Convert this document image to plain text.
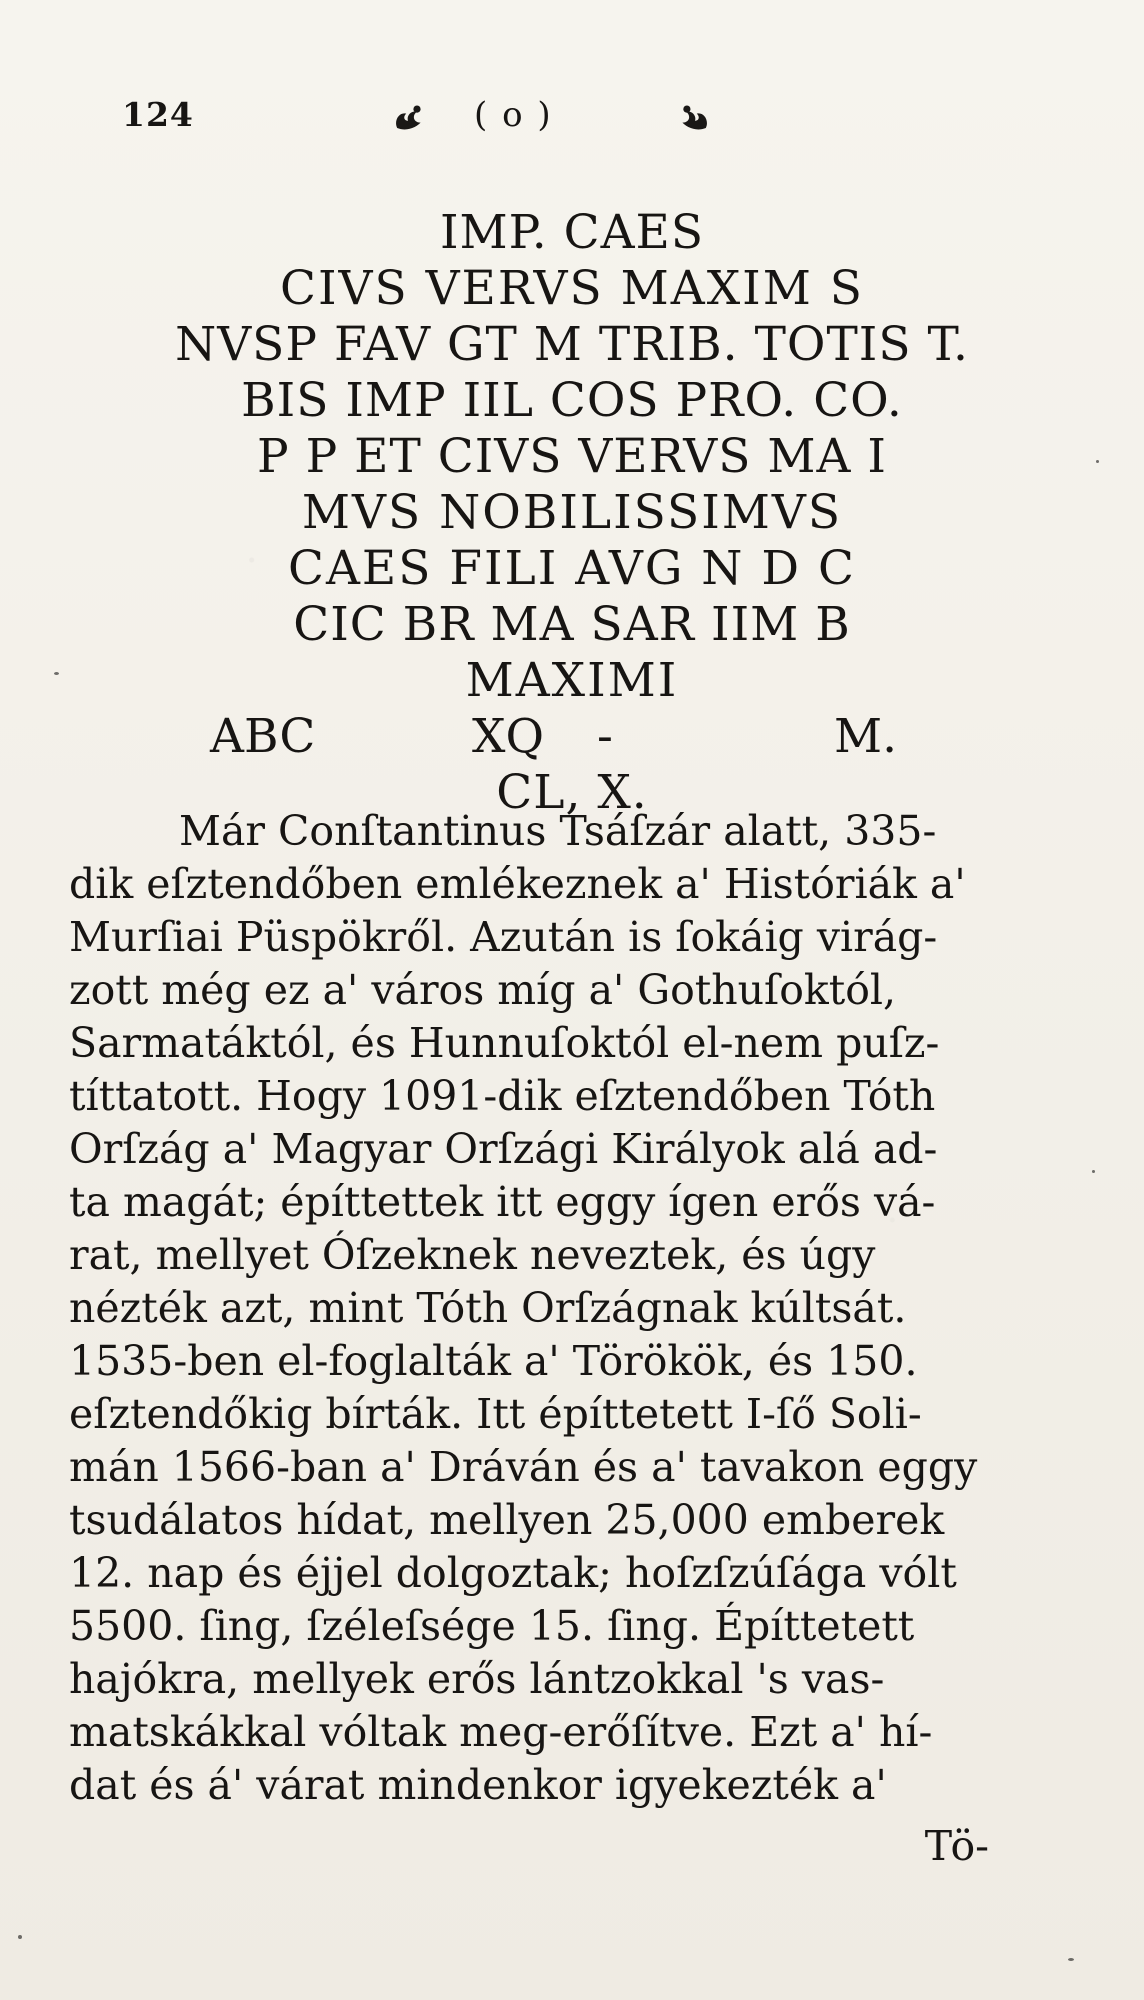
124	( o )
IMP. CAES
CIVS VERVS MAXIM S
NVSP FAV GT M TRIB. TOTIS T.
BIS IMP IIL COS PRO. CO.
P P ET CIVS VERVS MA I
MVS NOBILISSIMVS
CAES FILI AVG N D C
CIC BR MA SAR IIM B
MAXIMI
ABC	XQ -	M.
CL, X.
Már Conſtantinus Tsáſzár alatt, 335-
dik eſztendőben emlékeznek a' Históriák a'
Murſiai Püspökről. Azután is ſokáig virág-
zott még ez a' város míg a' Gothuſoktól,
Sarmatáktól, és Hunnuſoktól el-nem puſz-
títtatott. Hogy 1091-dik eſztendőben Tóth
Orſzág a' Magyar Orſzági Királyok alá ad-
ta magát; építtettek itt eggy ígen erős vá-
rat, mellyet Óſzeknek neveztek, és úgy
nézték azt, mint Tóth Orſzágnak kúltsát.
1535-ben el-foglalták a' Törökök, és 150.
eſztendőkig bírták. Itt építtetett I-ſő Soli-
mán 1566-ban a' Dráván és a' tavakon eggy
tsudálatos hídat, mellyen 25,000 emberek
12. nap és éjjel dolgoztak; hoſzſzúſága vólt
5500. ſing, ſzéleſsége 15. ſing. Építtetett
hajókra, mellyek erős lántzokkal 's vas-
matskákkal vóltak meg-erőſítve. Ezt a' hí-
dat és á' várat mindenkor igyekezték a'
Tö-
